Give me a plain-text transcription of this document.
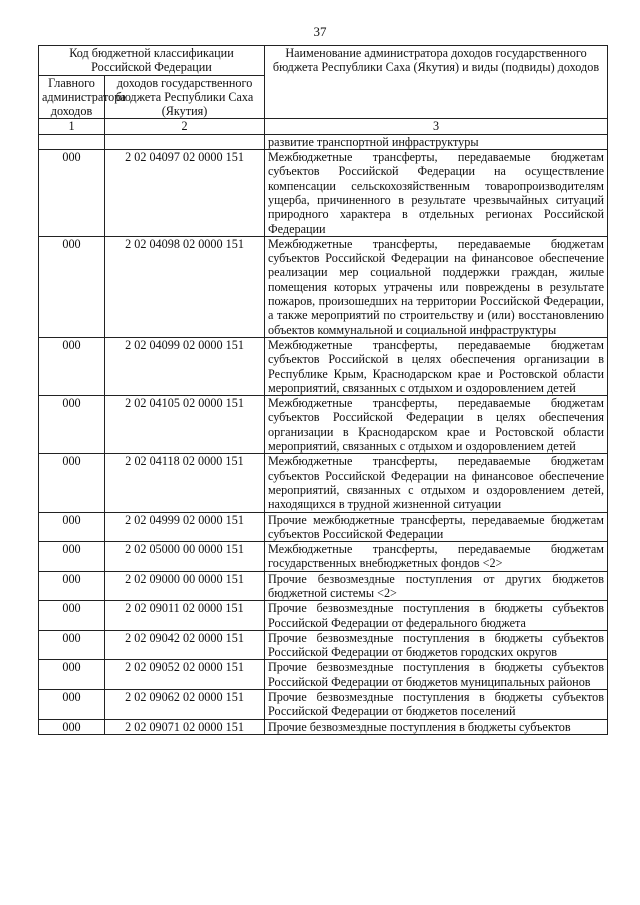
37
Код бюджетной классификации Российской Федерации		Наименование администратора доходов государственного бюджета Республики Саха (Якутия) и виды (подвиды) доходов
Главного администратора доходов	доходов государственного бюджета Республики Саха (Якутия)	
1	2	3
		развитие транспортной инфраструктуры
000	2 02 04097 02 0000 151	Межбюджетные трансферты, передаваемые бюджетам субъектов Российской Федерации на осуществление компенсации сельскохозяйственным товаропроизводителям ущерба, причиненного в результате чрезвычайных ситуаций природного характера в отдельных регионах Российской Федерации
000	2 02 04098 02 0000 151	Межбюджетные трансферты, передаваемые бюджетам субъектов Российской Федерации на финансовое обеспечение реализации мер социальной поддержки граждан, жилые помещения которых утрачены или повреждены в результате пожаров, произошедших на территории Российской Федерации, а также мероприятий по строительству и (или) восстановлению объектов коммунальной и социальной инфраструктуры
000	2 02 04099 02 0000 151	Межбюджетные трансферты, передаваемые бюджетам субъектов Российской в целях обеспечения организации в Республике Крым, Краснодарском крае и Ростовской области мероприятий, связанных с отдыхом и оздоровлением детей
000	2 02 04105 02 0000 151	Межбюджетные трансферты, передаваемые бюджетам субъектов Российской Федерации в целях обеспечения организации в Краснодарском крае и Ростовской области мероприятий, связанных с отдыхом и оздоровлением детей
000	2 02 04118 02 0000 151	Межбюджетные трансферты, передаваемые бюджетам субъектов Российской Федерации на финансовое обеспечение мероприятий, связанных с отдыхом и оздоровлением детей, находящихся в трудной жизненной ситуации
000	2 02 04999 02 0000 151	Прочие межбюджетные трансферты, передаваемые бюджетам субъектов Российской Федерации
000	2 02 05000 00 0000 151	Межбюджетные трансферты, передаваемые бюджетам государственных внебюджетных фондов <2>
000	2 02 09000 00 0000 151	Прочие безвозмездные поступления от других бюджетов бюджетной системы <2>
000	2 02 09011 02 0000 151	Прочие безвозмездные поступления в бюджеты субъектов Российской Федерации от федерального бюджета
000	2 02 09042 02 0000 151	Прочие безвозмездные поступления в бюджеты субъектов Российской Федерации от бюджетов городских округов
000	2 02 09052 02 0000 151	Прочие безвозмездные поступления в бюджеты субъектов Российской Федерации от бюджетов муниципальных районов
000	2 02 09062 02 0000 151	Прочие безвозмездные поступления в бюджеты субъектов Российской Федерации от бюджетов поселений
000	2 02 09071 02 0000 151	Прочие безвозмездные поступления в бюджеты субъектов
